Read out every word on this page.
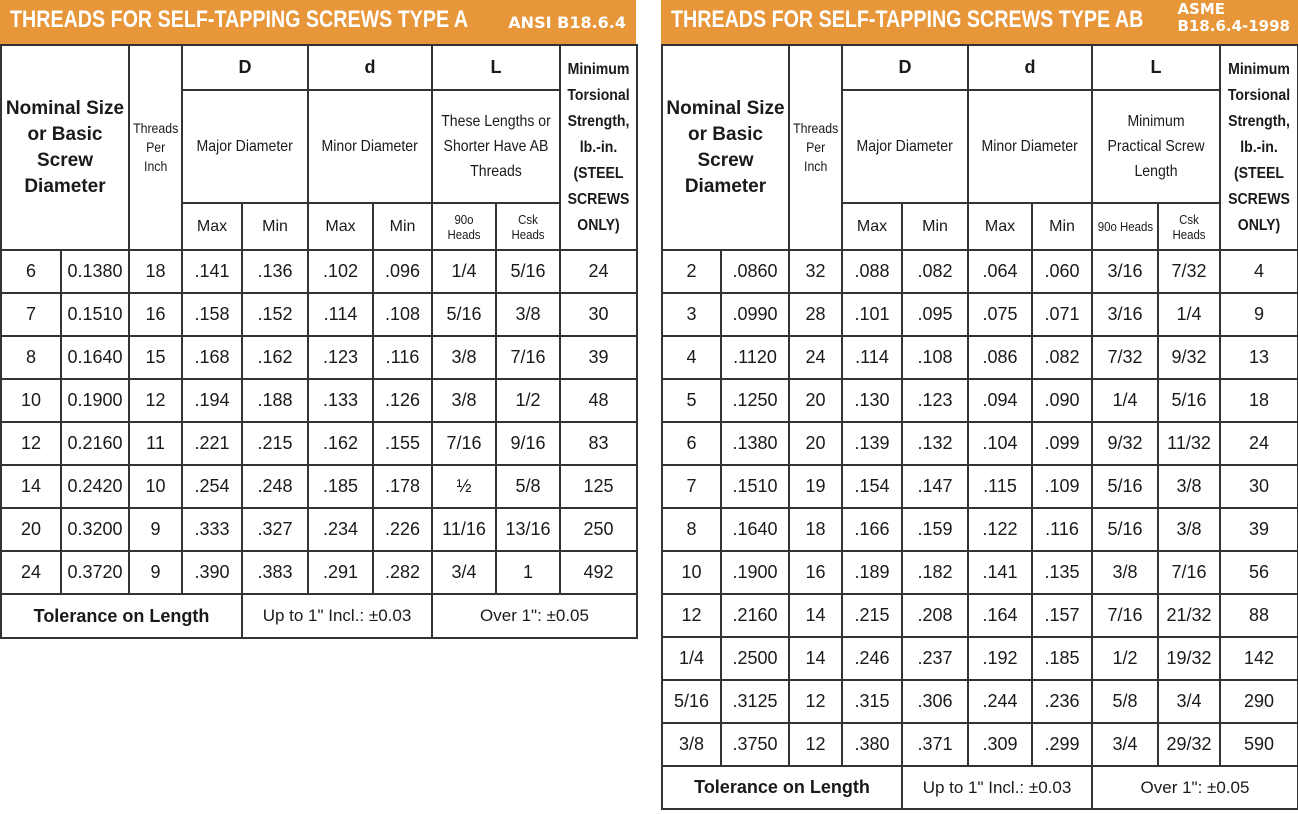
THREADS FOR SELF-TAPPING SCREWS TYPE A	ANSI B18.6.4
Nominal Size or Basic Screw Diameter		Threads Per Inch	D		d		L		Minimum Torsional Strength, lb.-in. (STEEL SCREWS ONLY)
			Major Diameter		Minor Diameter		These Lengths or Shorter Have AB Threads		
			Max	Min	Max	Min	90o Heads	Csk Heads	
6	0.1380	18	.141	.136	.102	.096	1/4	5/16	24
7	0.1510	16	.158	.152	.114	.108	5/16	3/8	30
8	0.1640	15	.168	.162	.123	.116	3/8	7/16	39
10	0.1900	12	.194	.188	.133	.126	3/8	1/2	48
12	0.2160	11	.221	.215	.162	.155	7/16	9/16	83
14	0.2420	10	.254	.248	.185	.178	½	5/8	125
20	0.3200	9	.333	.327	.234	.226	11/16	13/16	250
24	0.3720	9	.390	.383	.291	.282	3/4	1	492
Tolerance on Length				Up to 1" Incl.: ±0.03			Over 1": ±0.05		
THREADS FOR SELF-TAPPING SCREWS TYPE AB ASME
B18.6.4-1998
Nominal Size or Basic Screw Diameter		Threads Per Inch	D		d		L		Minimum Torsional Strength, lb.-in. (STEEL SCREWS ONLY)
			Major Diameter		Minor Diameter		Minimum Practical Screw Length		
			Max	Min	Max	Min	90o Heads	Csk Heads	
2	.0860	32	.088	.082	.064	.060	3/16	7/32	4
3	.0990	28	.101	.095	.075	.071	3/16	1/4	9
4	.1120	24	.114	.108	.086	.082	7/32	9/32	13
5	.1250	20	.130	.123	.094	.090	1/4	5/16	18
6	.1380	20	.139	.132	.104	.099	9/32	11/32	24
7	.1510	19	.154	.147	.115	.109	5/16	3/8	30
8	.1640	18	.166	.159	.122	.116	5/16	3/8	39
10	.1900	16	.189	.182	.141	.135	3/8	7/16	56
12	.2160	14	.215	.208	.164	.157	7/16	21/32	88
1/4	.2500	14	.246	.237	.192	.185	1/2	19/32	142
5/16	.3125	12	.315	.306	.244	.236	5/8	3/4	290
3/8	.3750	12	.380	.371	.309	.299	3/4	29/32	590
Tolerance on Length				Up to 1" Incl.: ±0.03			Over 1": ±0.05		
